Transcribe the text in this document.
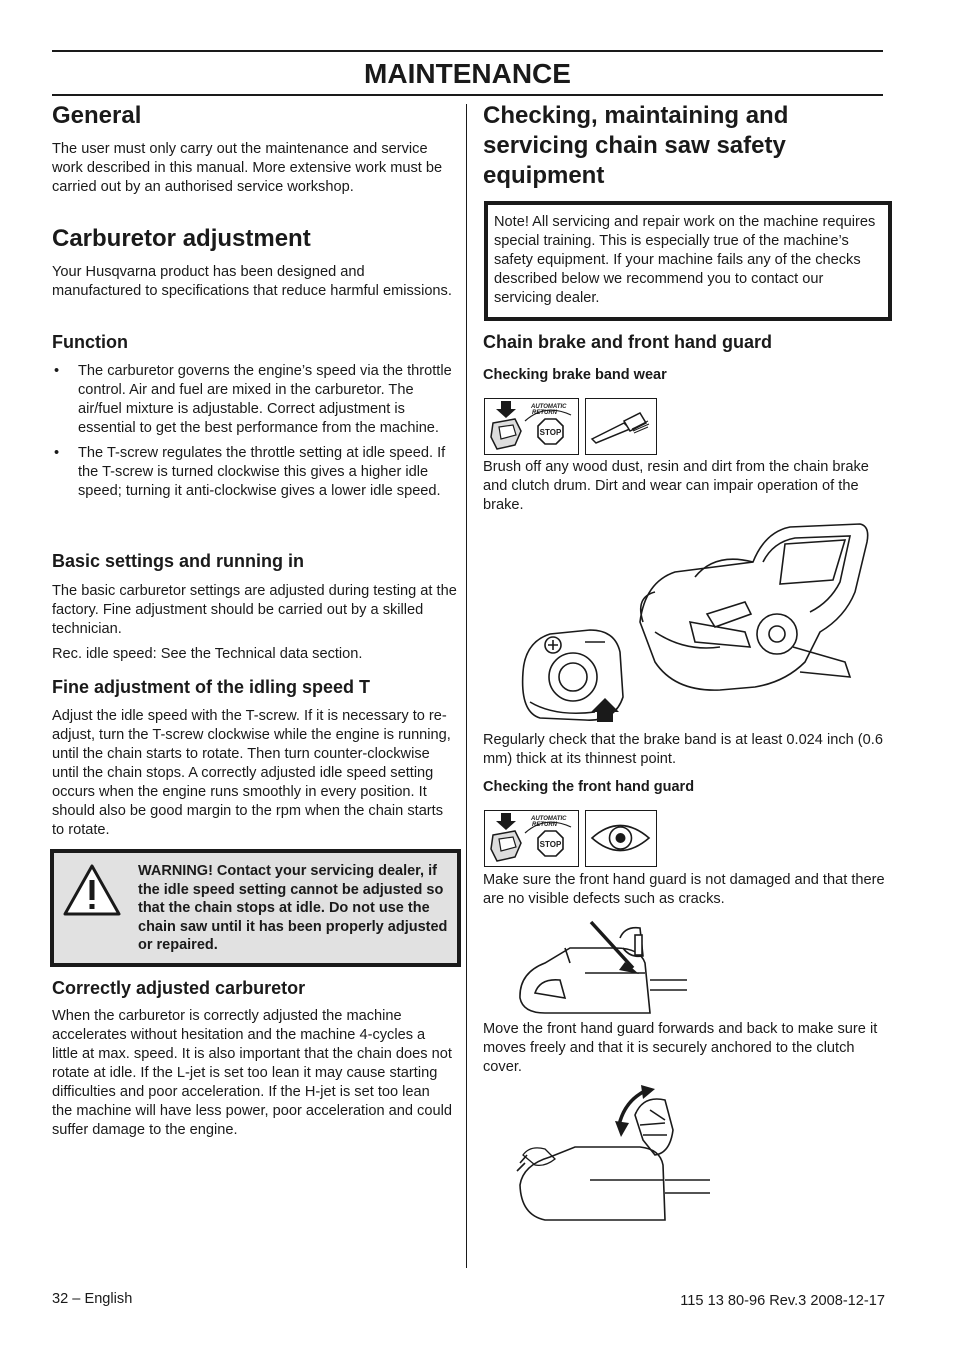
MAINTENANCE
General

The user must only carry out the maintenance and service work described in this manual. More extensive work must be carried out by an authorised service workshop.

Carburetor adjustment

Your Husqvarna product has been designed and manufactured to specifications that reduce harmful emissions.

Function

• The carburetor governs the engine’s speed via the throttle control. Air and fuel are mixed in the carburetor. The air/fuel mixture is adjustable. Correct adjustment is essential to get the best performance from the machine.

• The T-screw regulates the throttle setting at idle speed. If the T-screw is turned clockwise this gives a higher idle speed; turning it anti-clockwise gives a lower idle speed.

Basic settings and running in

The basic carburetor settings are adjusted during testing at the factory. Fine adjustment should be carried out by a skilled technician.

Rec. idle speed: See the Technical data section.

Fine adjustment of the idling speed T

Adjust the idle speed with the T-screw. If it is necessary to re-adjust, turn the T-screw clockwise while the engine is running, until the chain starts to rotate. Then turn counter-clockwise until the chain stops. A correctly adjusted idle speed setting occurs when the engine runs smoothly in every position. It should also be good margin to the rpm when the chain starts to rotate.

WARNING! Contact your servicing dealer, if the idle speed setting cannot be adjusted so that the chain stops at idle. Do not use the chain saw until it has been properly adjusted or repaired.
Correctly adjusted carburetor

When the carburetor is correctly adjusted the machine accelerates without hesitation and the machine 4-cycles a little at max. speed. It is also important that the chain does not rotate at idle. If the L-jet is set too lean it may cause starting difficulties and poor acceleration. If the H-jet is set too lean the machine will have less power, poor acceleration and could suffer damage to the engine.

Checking, maintaining and servicing chain saw safety equipment

Note! All servicing and repair work on the machine requires special training. This is especially true of the machine’s safety equipment. If your machine fails any of the checks described below we recommend you to contact our servicing dealer.

Chain brake and front hand guard
Checking brake band wear
AUTOMATIC
RETURN
STOP

Brush off any wood dust, resin and dirt from the chain brake and clutch drum. Dirt and wear can impair operation of the brake.

Regularly check that the brake band is at least 0.024 inch (0.6 mm) thick at its thinnest point.

Checking the front hand guard
AUTOMATIC
RETURN
STOP

Make sure the front hand guard is not damaged and that there are no visible defects such as cracks.

Move the front hand guard forwards and back to make sure it moves freely and that it is securely anchored to the clutch cover.

32 – English	115 13 80-96 Rev.3 2008-12-17
